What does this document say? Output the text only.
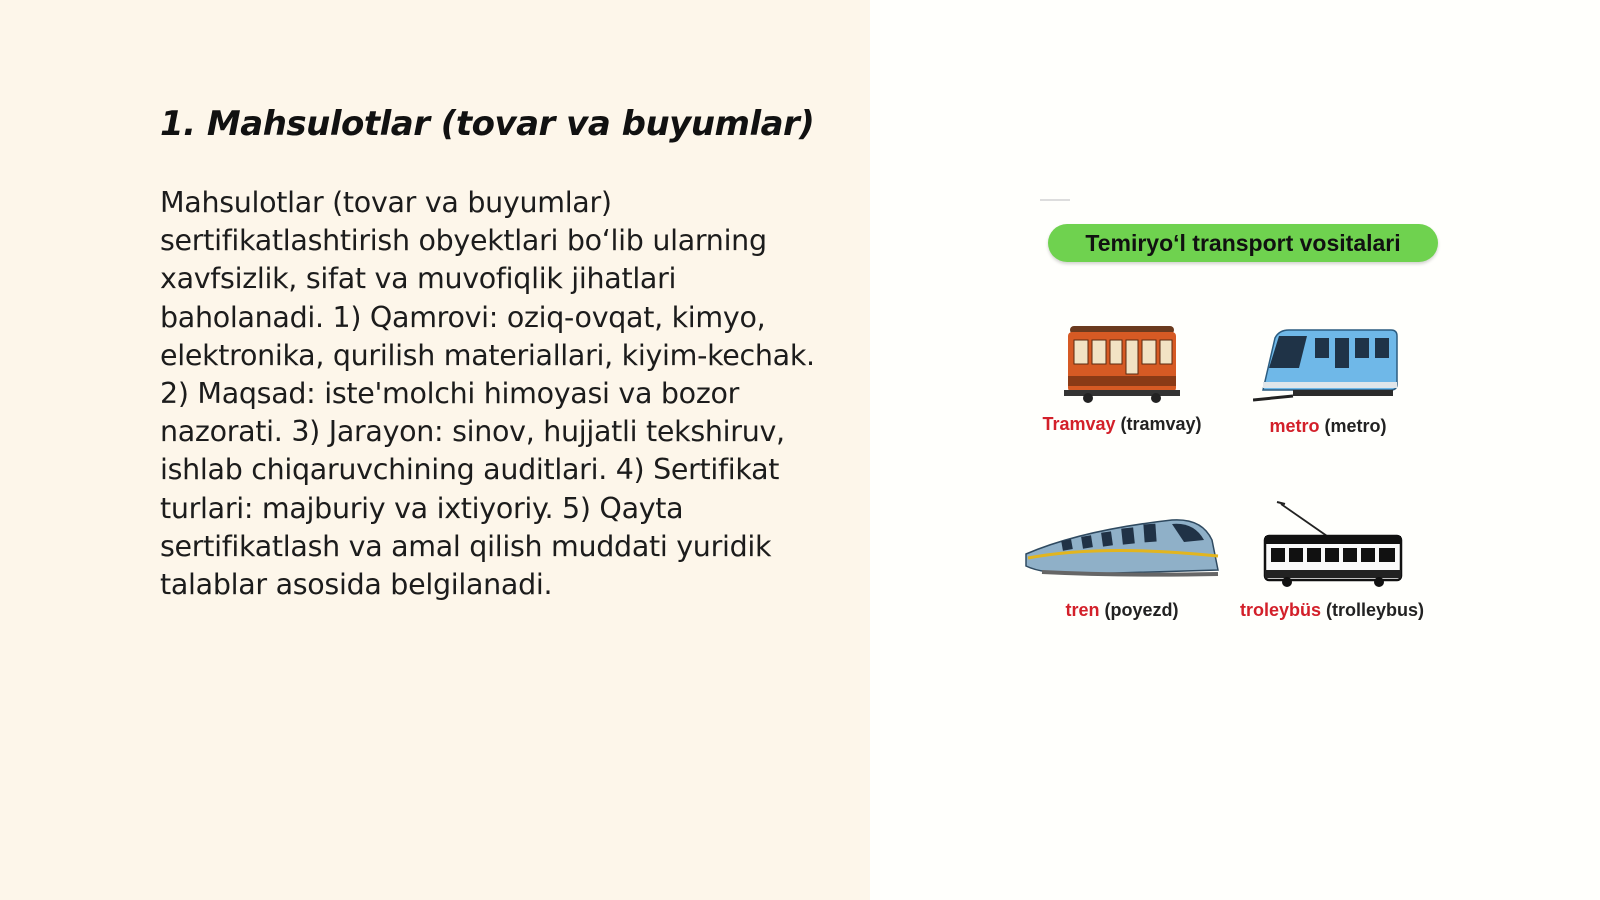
1. Mahsulotlar (tovar va buyumlar)

Mahsulotlar (tovar va buyumlar) sertifikatlashtirish obyektlari bo‘lib ularning xavfsizlik, sifat va muvofiqlik jihatlari baholanadi. 1) Qamrovi: oziq-ovqat, kimyo, elektronika, qurilish materiallari, kiyim-kechak. 2) Maqsad: iste'molchi himoyasi va bozor nazorati. 3) Jarayon: sinov, hujjatli tekshiruv, ishlab chiqaruvchining auditlari. 4) Sertifikat turlari: majburiy va ixtiyoriy. 5) Qayta sertifikatlash va amal qilish muddati yuridik talablar asosida belgilanadi.

Temiryo‘l transport vositalari
Tramvay (tramvay)	metro (metro)
tren (poyezd)	troleybüs (trolleybus)
